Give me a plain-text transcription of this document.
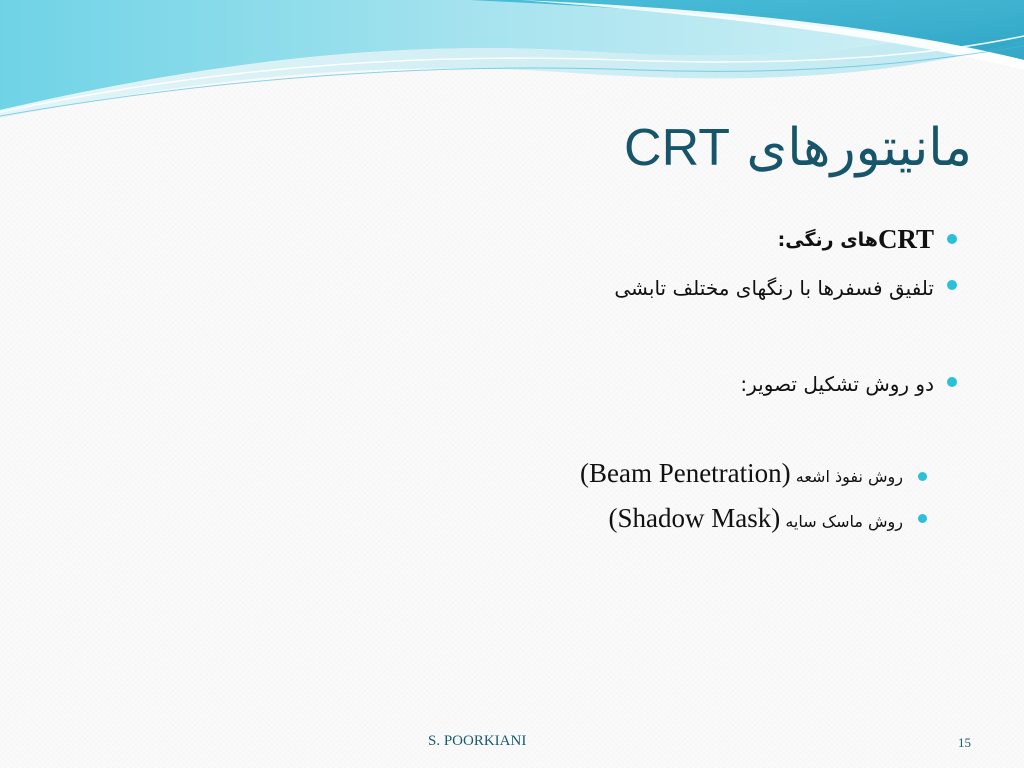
مانیتورهای CRT
CRT
های رنگی:
تلفیق فسفرها با رنگهای مختلف تابشی
دو روش تشکیل تصویر:
روش نفوذ اشعه (Beam Penetration)
روش ماسک سایه (Shadow Mask)
S. POORKIANI	15
